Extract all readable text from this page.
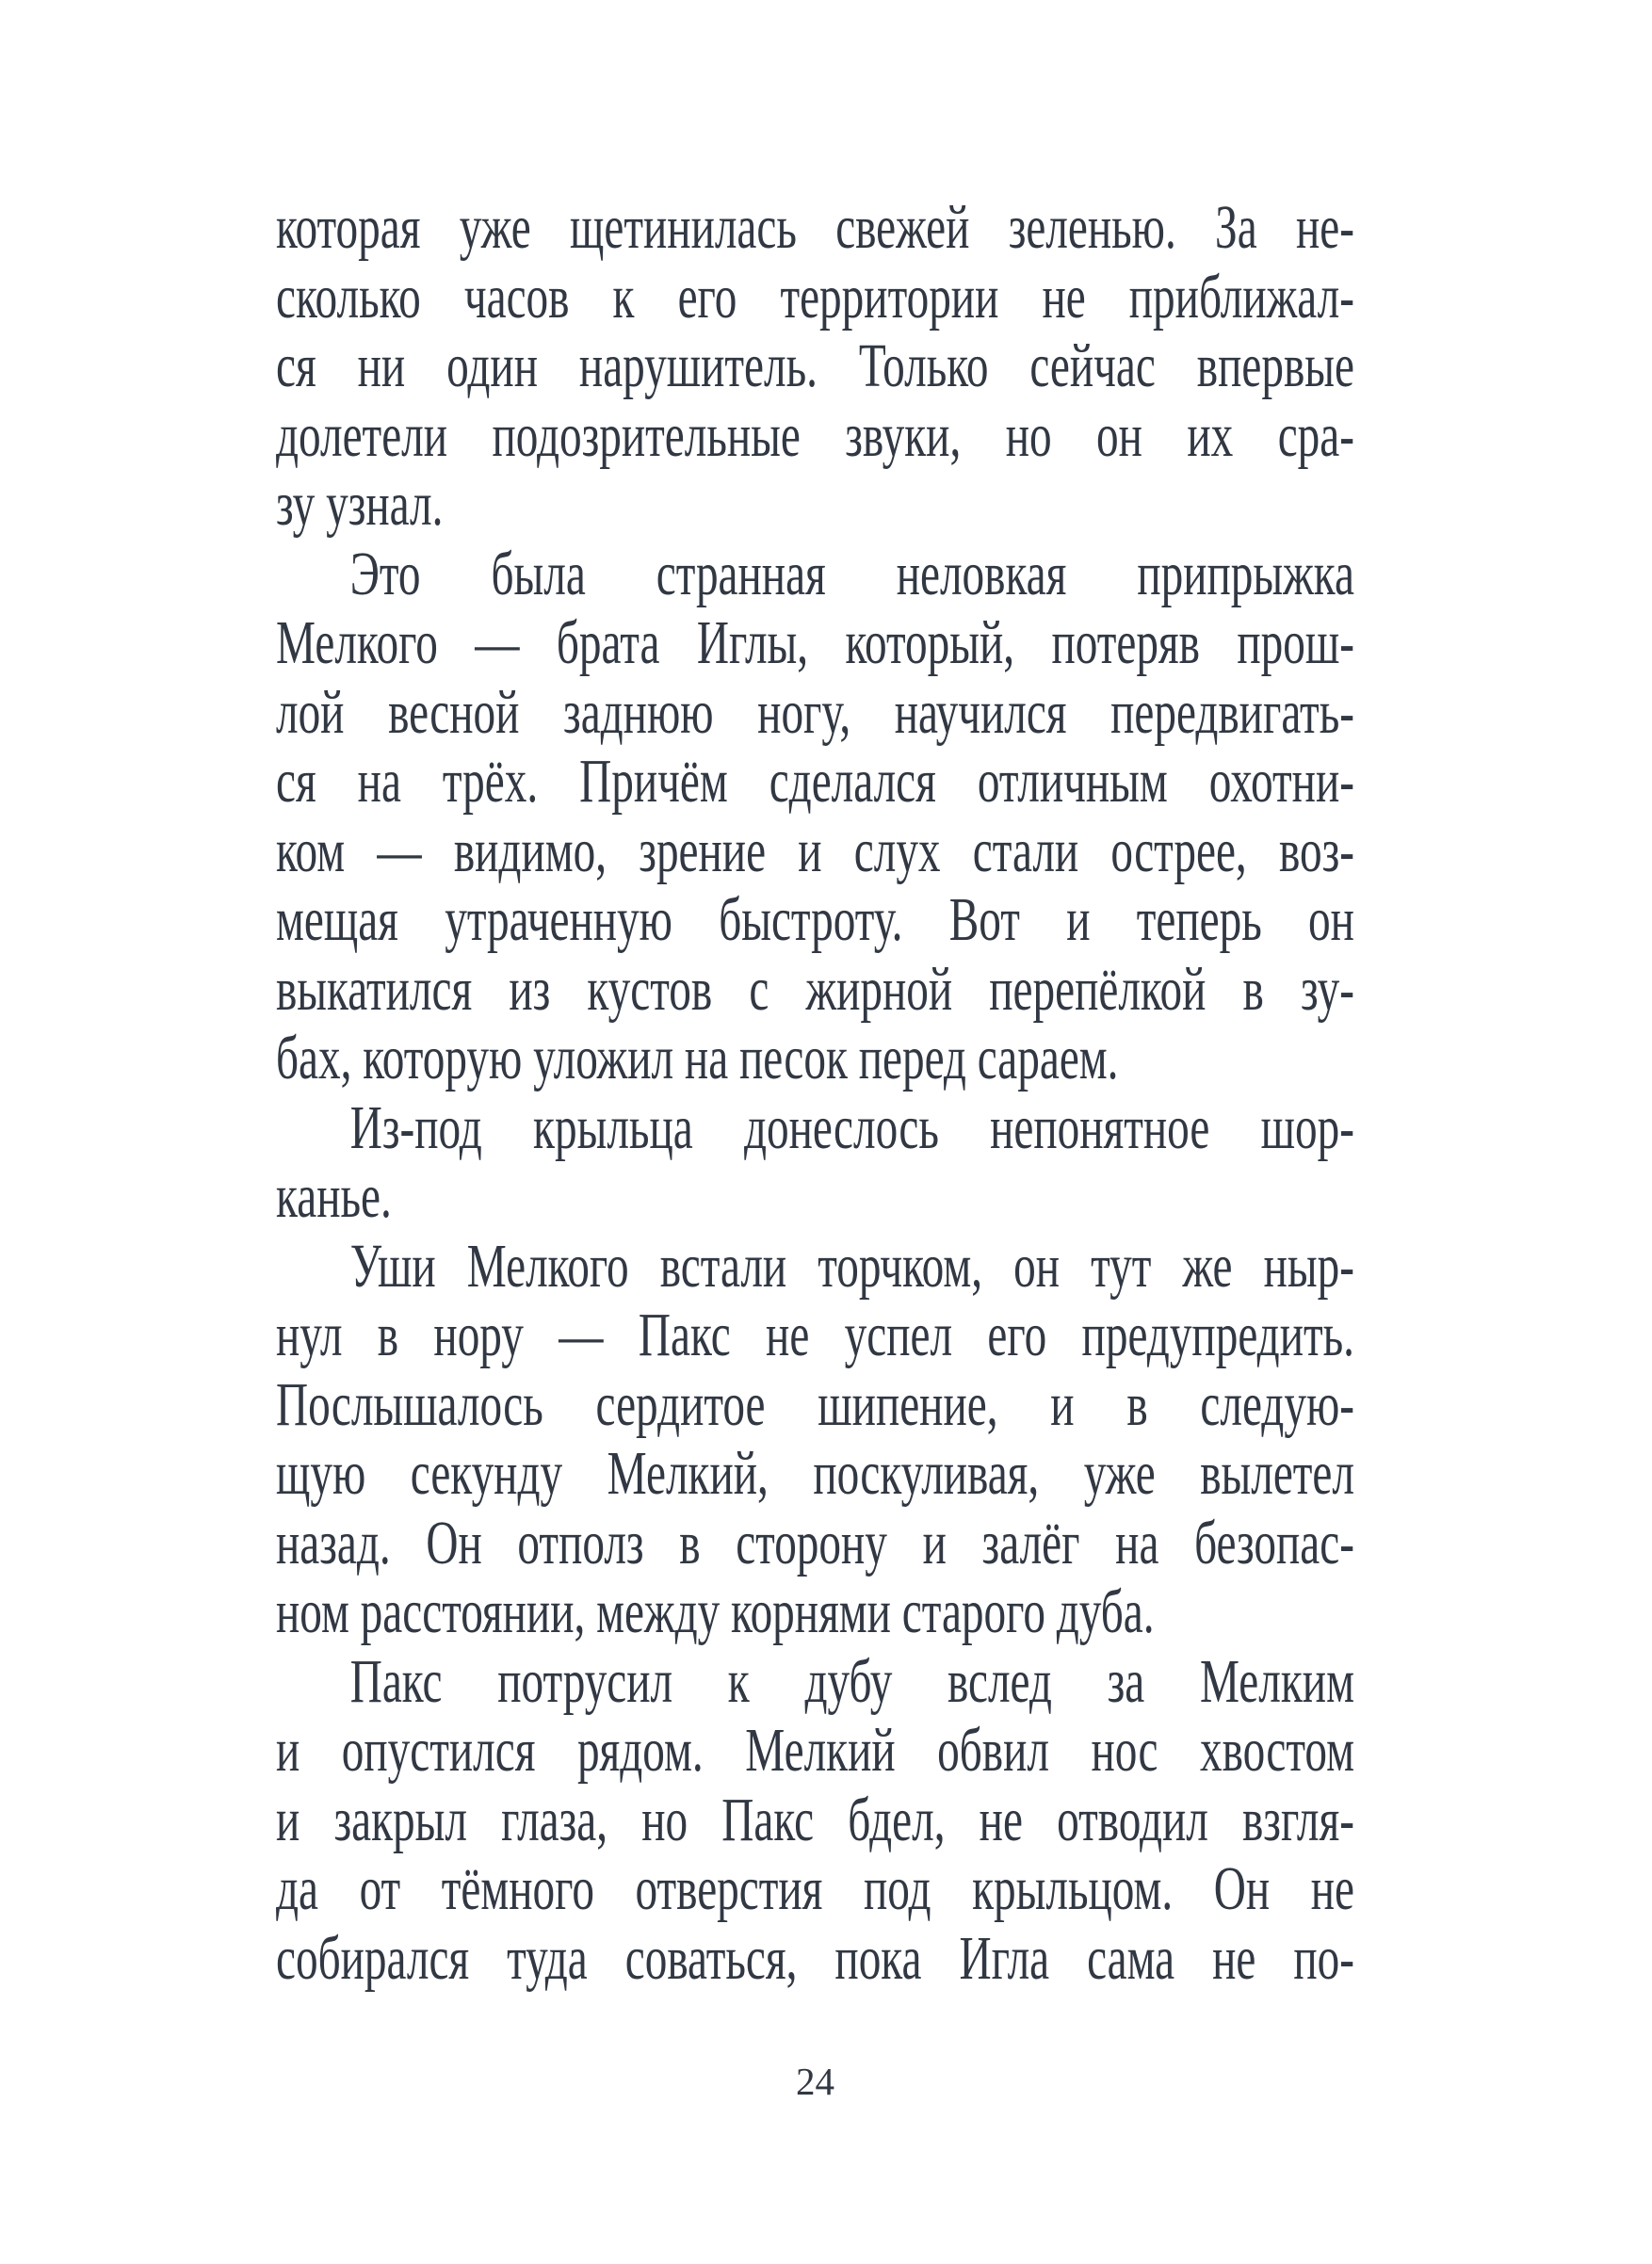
которая уже щетинилась свежей зеленью. За не-
сколько часов к его территории не приближал-
ся ни один нарушитель. Только сейчас впервые
долетели подозрительные звуки, но он их сра-
зу узнал.
Это была странная неловкая припрыжка
Мелкого — брата Иглы, который, потеряв прош-
лой весной заднюю ногу, научился передвигать-
ся на трёх. Причём сделался отличным охотни-
ком — видимо, зрение и слух стали острее, воз-
мещая утраченную быстроту. Вот и теперь он
выкатился из кустов с жирной перепёлкой в зу-
бах, которую уложил на песок перед сараем.
Из-под крыльца донеслось непонятное шор-
канье.
Уши Мелкого встали торчком, он тут же ныр-
нул в нору — Пакс не успел его предупредить.
Послышалось сердитое шипение, и в следую-
щую секунду Мелкий, поскуливая, уже вылетел
назад. Он отполз в сторону и залёг на безопас-
ном расстоянии, между корнями старого дуба.
Пакс потрусил к дубу вслед за Мелким
и опустился рядом. Мелкий обвил нос хвостом
и закрыл глаза, но Пакс бдел, не отводил взгля-
да от тёмного отверстия под крыльцом. Он не
собирался туда соваться, пока Игла сама не по-
24
